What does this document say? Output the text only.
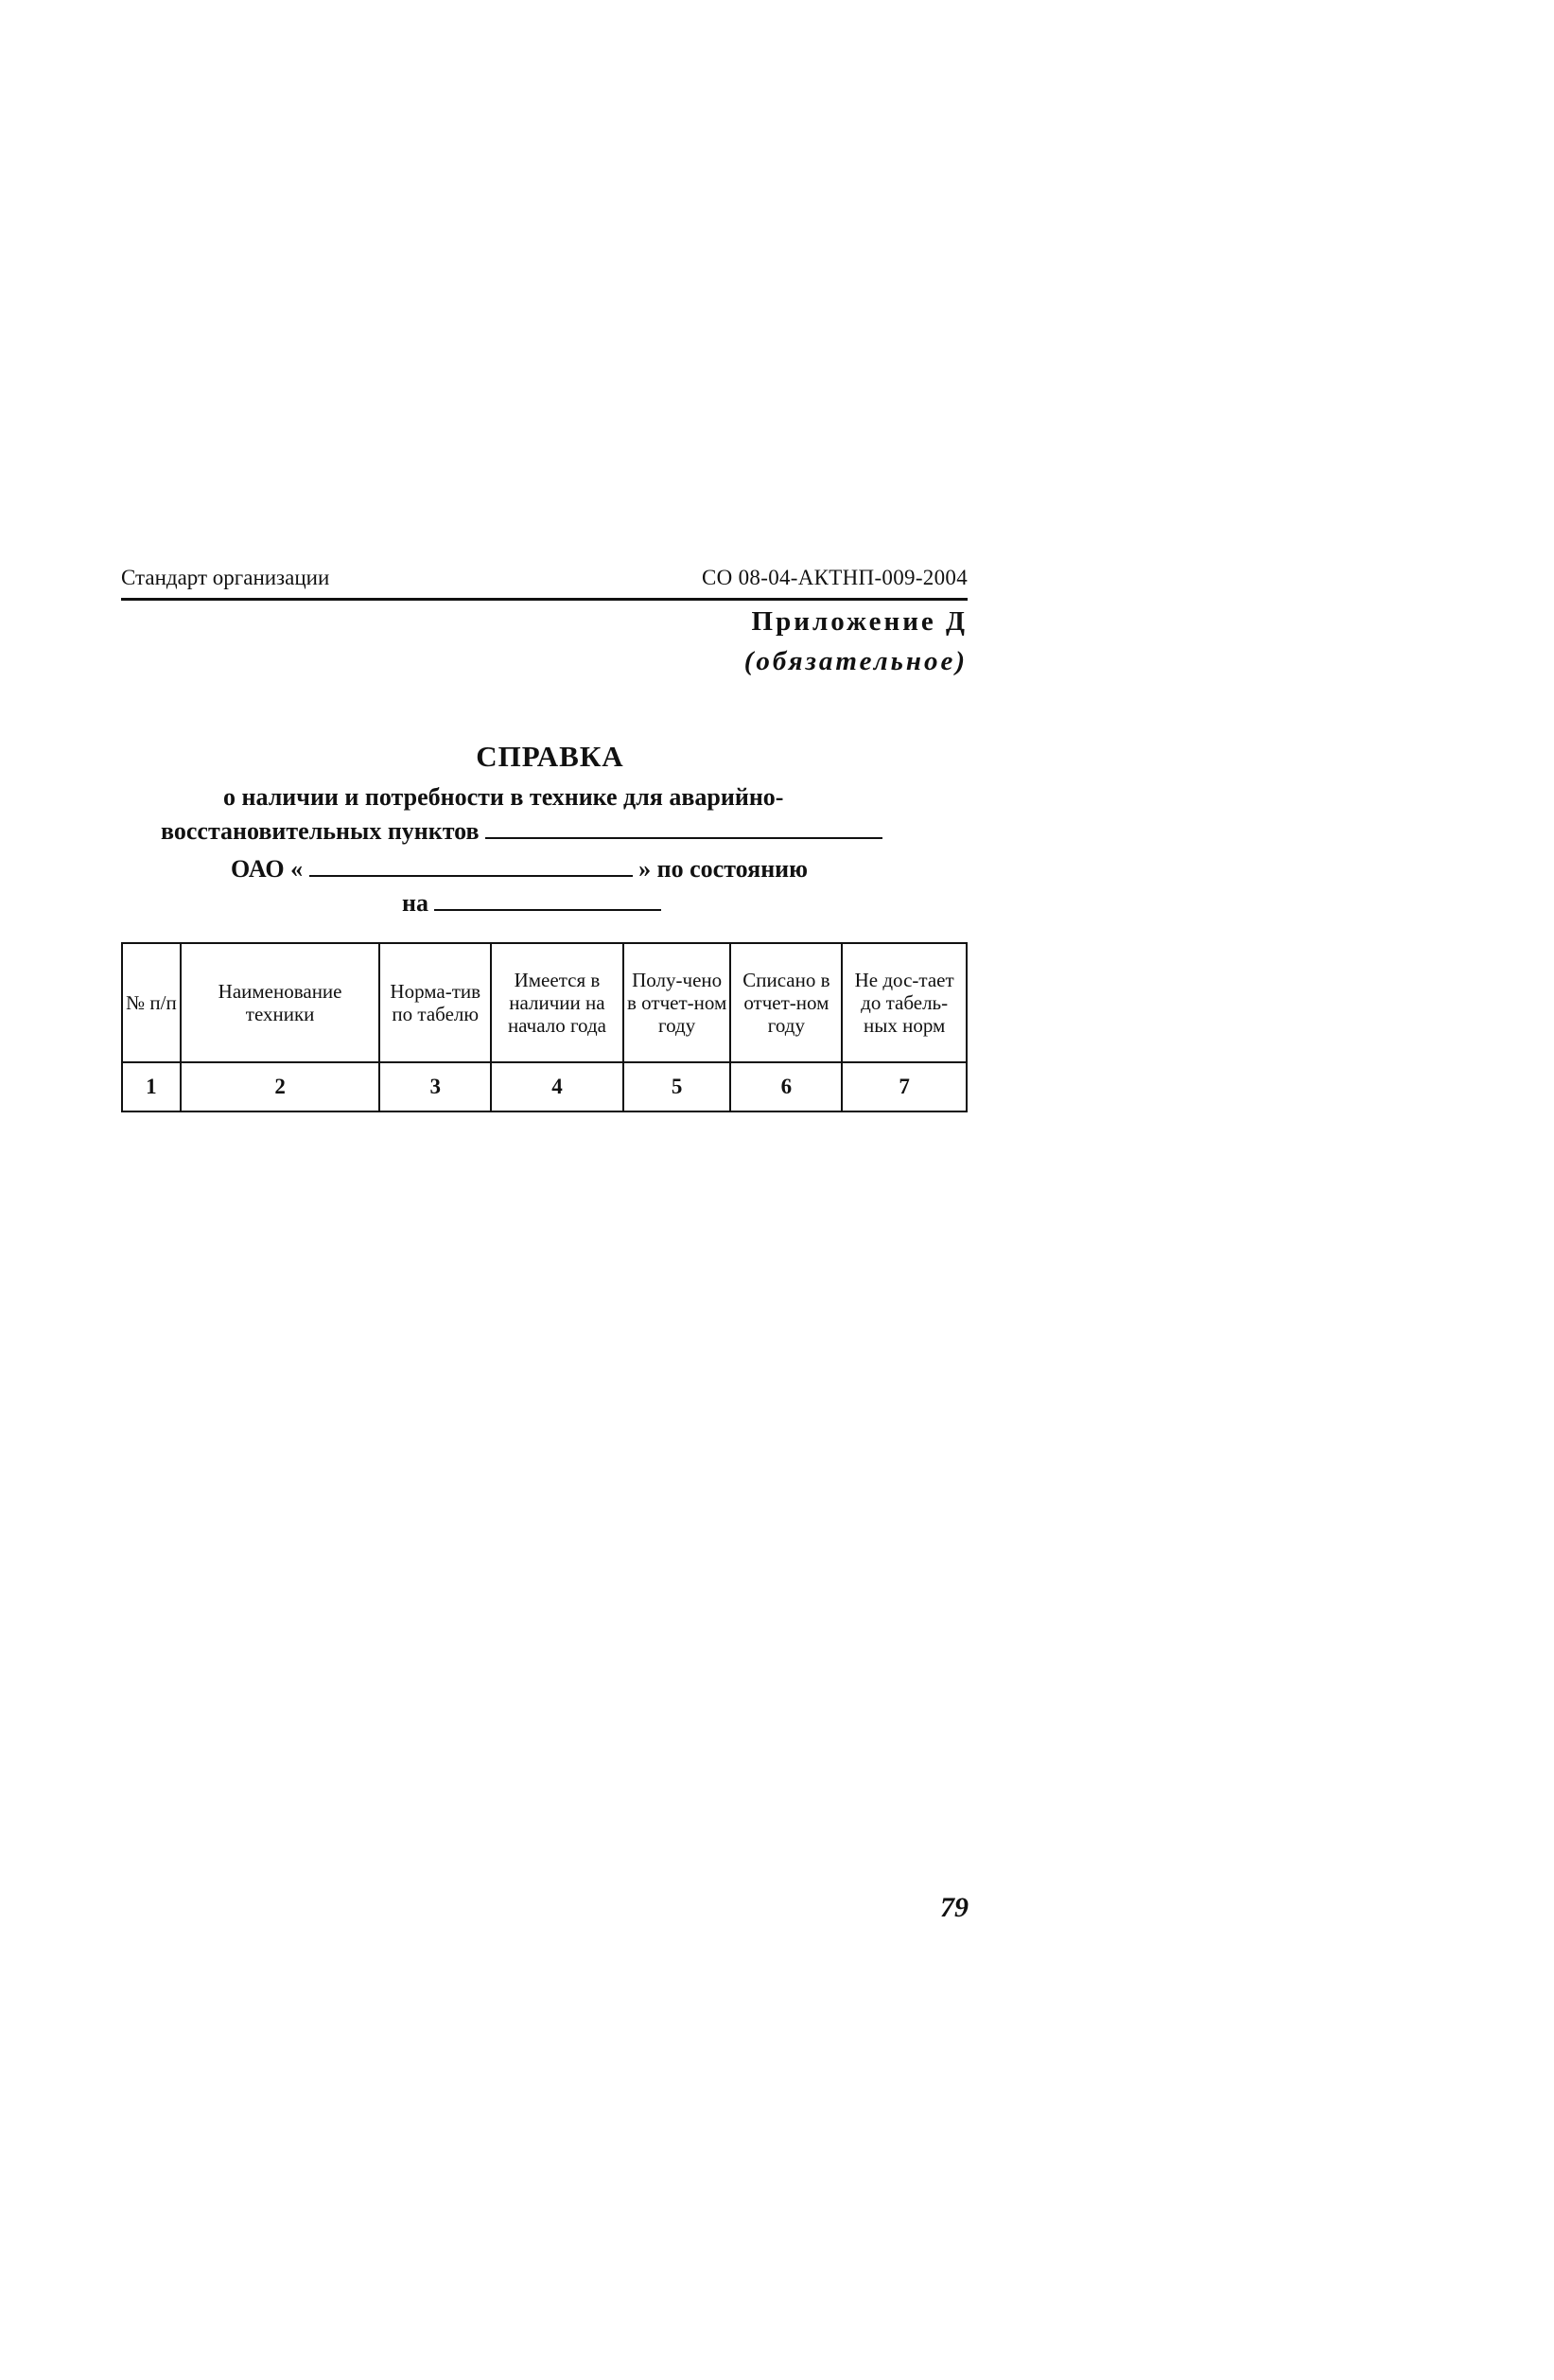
Стандарт организации	СО 08-04-АКТНП-009-2004
Приложение Д
(обязательное)
СПРАВКА
о наличии и потребности в технике для аварийно-
восстановительных пунктов
ОАО «	» по состоянию
на
№ п/п	Наименование техники	Норма-тив по табелю	Имеется в наличии на начало года	Полу-чено в отчет-ном году	Списано в отчет-ном году	Не дос-тает до табель-ных норм
1	2	3	4	5	6	7
79
